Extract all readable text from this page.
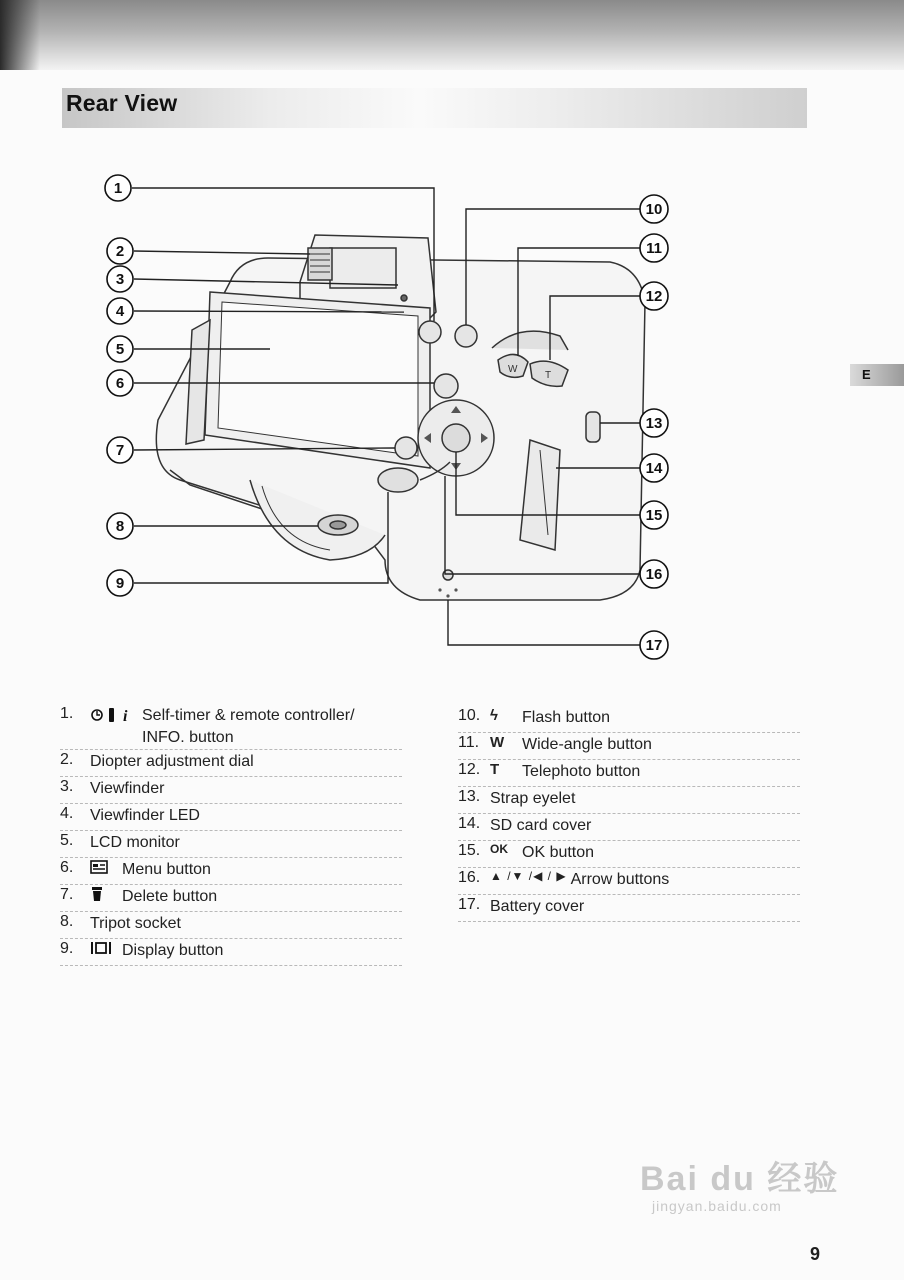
Rear View
E
W
T
1
2
3
4
5
6
7
8
9
10
11
12
13
14
15
16
17
1.	i Self-timer & remote controller/
INFO. button
2.	Diopter adjustment dial
3.	Viewfinder
4.	Viewfinder LED
5.	LCD monitor
6.	Menu button
7.	Delete button
8.	Tripot socket
9.	Display button
10. ϟ	Flash button
11. W	Wide-angle button
12. T	Telephoto button
13. Strap eyelet
14. SD card cover
15. OK OK button
16. ▲ /▼ /◀ / ▶ Arrow buttons
17. Battery cover
Bai du 经验
jingyan.baidu.com
9
